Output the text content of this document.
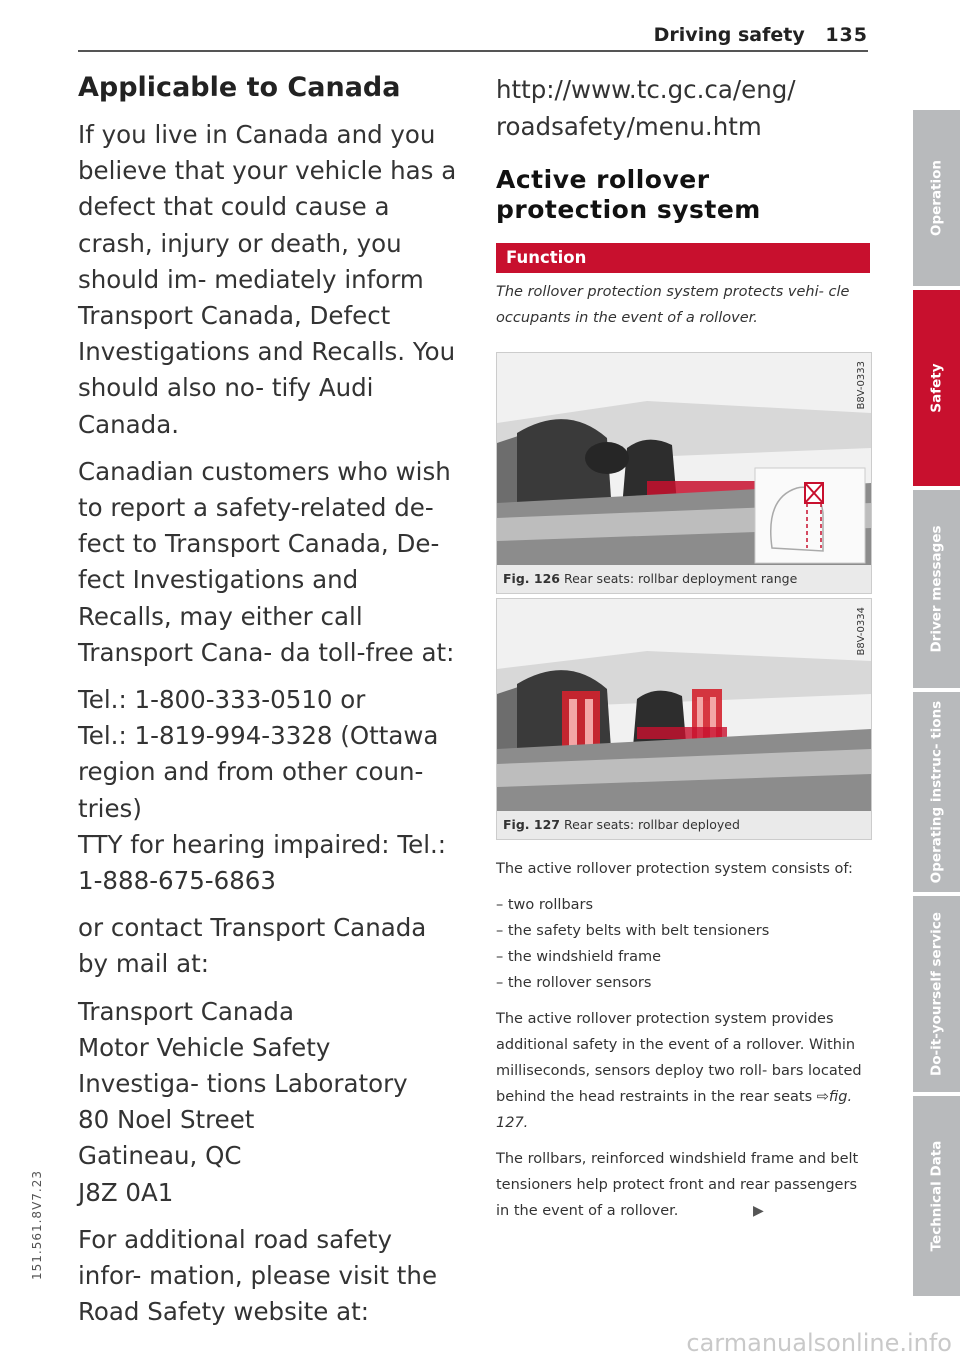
Driving safety 135
Applicable to Canada

If you live in Canada and you believe that your vehicle has a defect that could cause a crash, injury or death, you should im- mediately inform Transport Canada, Defect Investigations and Recalls. You should also no- tify Audi Canada.

Canadian customers who wish to report a safety-related de- fect to Transport Canada, De- fect Investigations and Recalls, may either call Transport Cana- da toll-free at:

Tel.: 1-800-333-0510 or

Tel.: 1-819-994-3328 (Ottawa region and from other coun- tries)

TTY for hearing impaired: Tel.: 1-888-675-6863

or contact Transport Canada by mail at:

Transport Canada

Motor Vehicle Safety Investiga- tions Laboratory

80 Noel Street

Gatineau, QC

J8Z 0A1

For additional road safety infor- mation, please visit the Road Safety website at:

http://www.tc.gc.ca/eng/ roadsafety/menu.htm

Active rollover protection system
Function

The rollover protection system protects vehi- cle occupants in the event of a rollover.

Fig. 126 Rear seats: rollbar deployment range
B8V-0333
Fig. 127 Rear seats: rollbar deployed
B8V-0334

The active rollover protection system consists of:

– two rollbars
– the safety belts with belt tensioners
– the windshield frame
– the rollover sensors

The active rollover protection system provides additional safety in the event of a rollover. Within milliseconds, sensors deploy two roll- bars located behind the head restraints in the rear seats ⇨fig. 127.

The rollbars, reinforced windshield frame and belt tensioners help protect front and rear passengers in the event of a rollover.	▶

Operation
Safety
Driver messages
Operating instruc- tions
Do-it-yourself service
Technical Data
151.561.8V7.23
carmanualsonline.info
